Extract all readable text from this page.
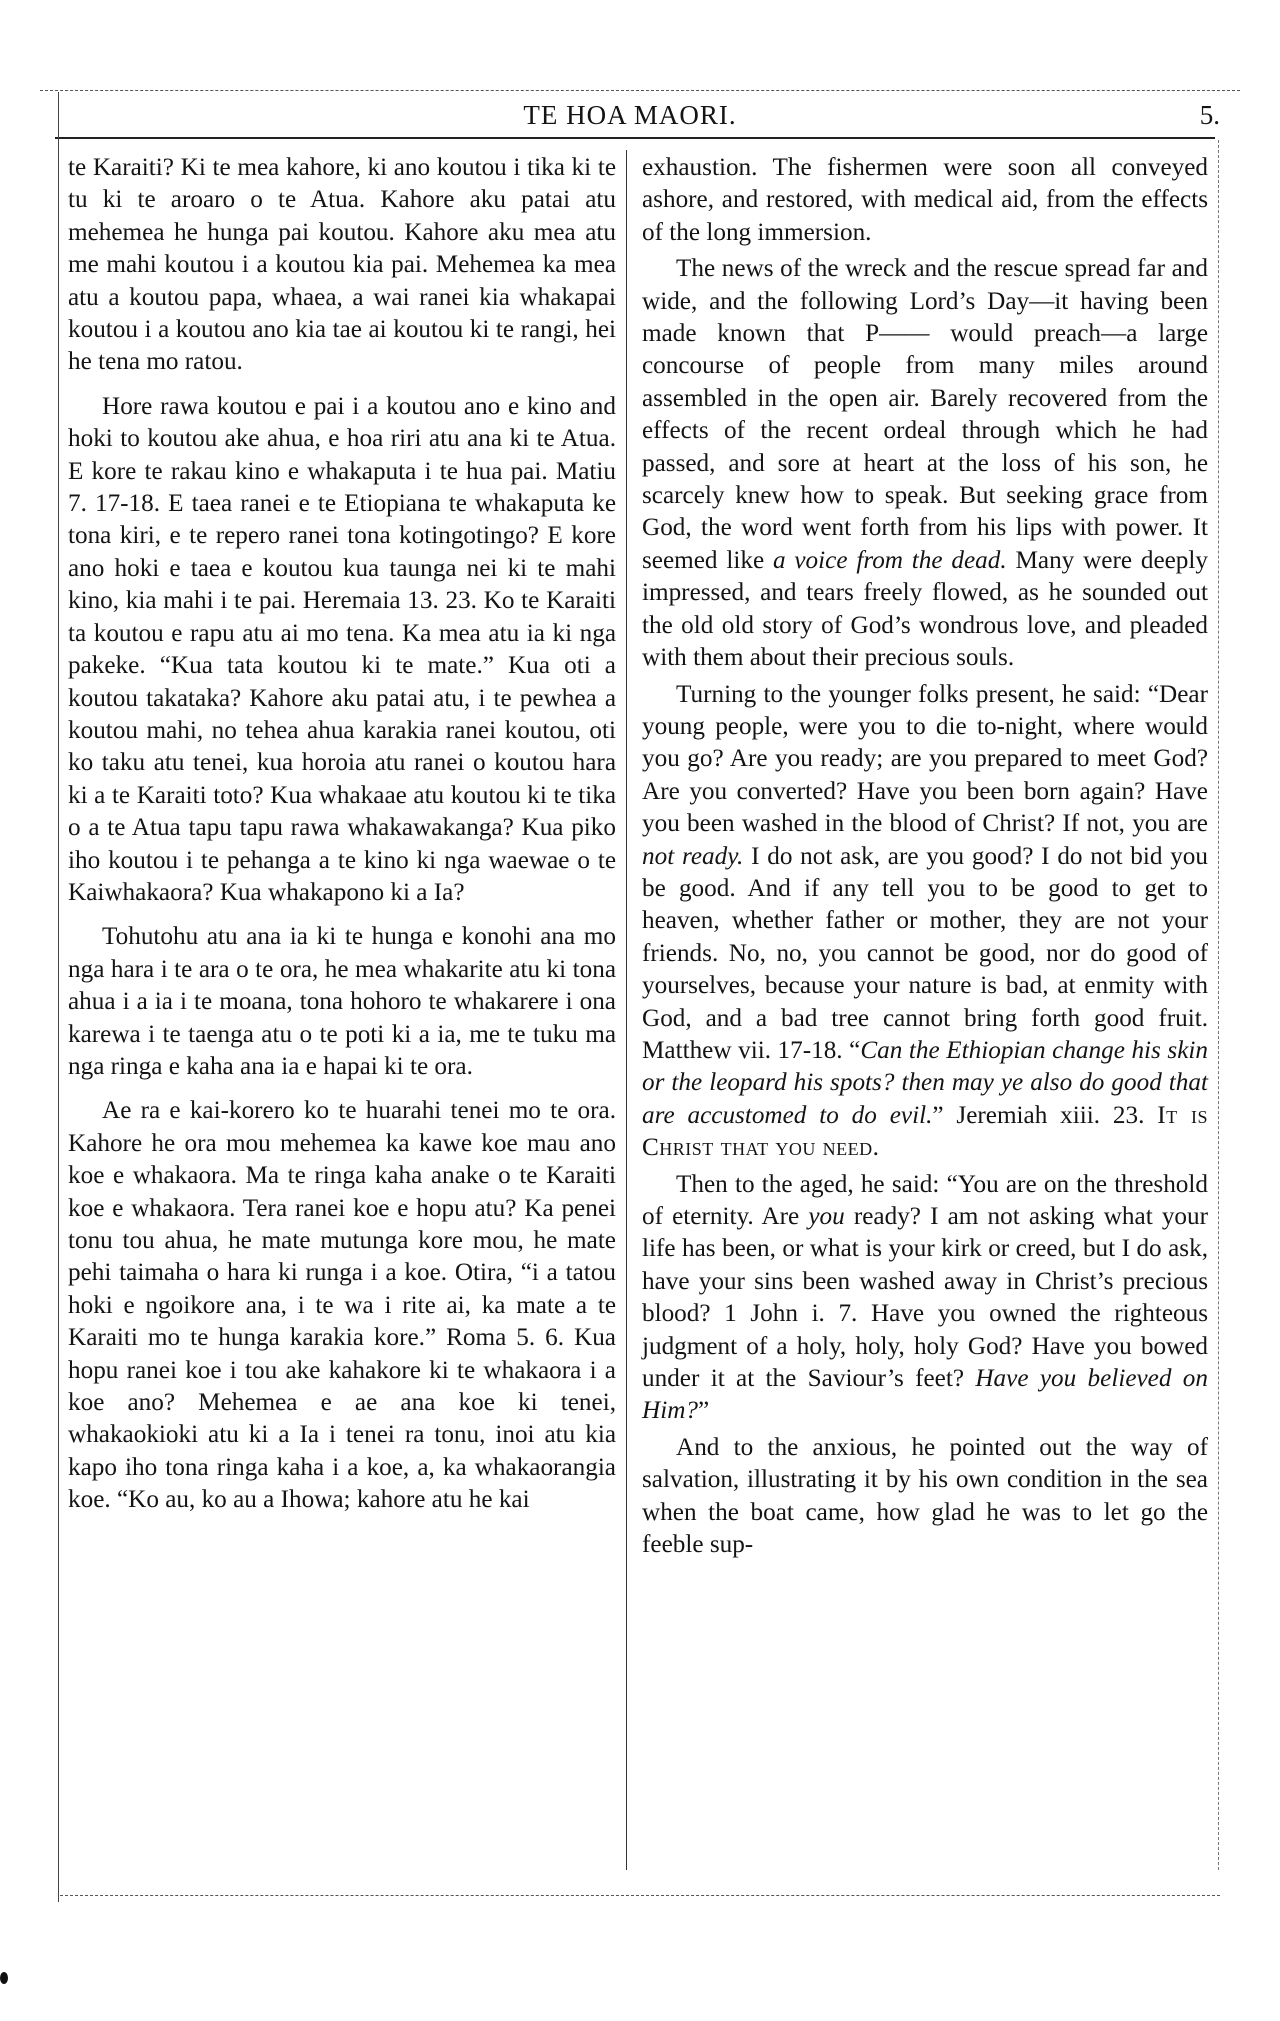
TE HOA MAORI.	5.

te Karaiti? Ki te mea kahore, ki ano koutou i tika ki te tu ki te aroaro o te Atua. Kahore aku patai atu mehemea he hunga pai koutou. Kahore aku mea atu me mahi koutou i a koutou kia pai. Mehemea ka mea atu a koutou papa, whaea, a wai ranei kia whakapai koutou i a koutou ano kia tae ai koutou ki te rangi, hei he tena mo ratou.

Hore rawa koutou e pai i a koutou ano e kino and hoki to koutou ake ahua, e hoa riri atu ana ki te Atua. E kore te rakau kino e whakaputa i te hua pai. Matiu 7. 17-18. E taea ranei e te Etiopiana te whakaputa ke tona kiri, e te repero ranei tona kotingotingo? E kore ano hoki e taea e koutou kua taunga nei ki te mahi kino, kia mahi i te pai. Heremaia 13. 23. Ko te Karaiti ta koutou e rapu atu ai mo tena. Ka mea atu ia ki nga pakeke. “Kua tata koutou ki te mate.” Kua oti a koutou takataka? Kahore aku patai atu, i te pewhea a koutou mahi, no tehea ahua karakia ranei koutou, oti ko taku atu tenei, kua horoia atu ranei o koutou hara ki a te Karaiti toto? Kua whakaae atu koutou ki te tika o a te Atua tapu tapu rawa whakawakanga? Kua piko iho koutou i te pehanga a te kino ki nga waewae o te Kaiwhakaora? Kua whakapono ki a Ia?

Tohutohu atu ana ia ki te hunga e konohi ana mo nga hara i te ara o te ora, he mea whakarite atu ki tona ahua i a ia i te moana, tona hohoro te whakarere i ona karewa i te taenga atu o te poti ki a ia, me te tuku ma nga ringa e kaha ana ia e hapai ki te ora.

Ae ra e kai-korero ko te huarahi tenei mo te ora. Kahore he ora mou mehemea ka kawe koe mau ano koe e whakaora. Ma te ringa kaha anake o te Karaiti koe e whakaora. Tera ranei koe e hopu atu? Ka penei tonu tou ahua, he mate mutunga kore mou, he mate pehi taimaha o hara ki runga i a koe. Otira, “i a tatou hoki e ngoikore ana, i te wa i rite ai, ka mate a te Karaiti mo te hunga karakia kore.” Roma 5. 6. Kua hopu ranei koe i tou ake kahakore ki te whakaora i a koe ano? Mehemea e ae ana koe ki tenei, whakaokioki atu ki a Ia i tenei ra tonu, inoi atu kia kapo iho tona ringa kaha i a koe, a, ka whakaorangia koe. “Ko au, ko au a Ihowa; kahore atu he kai

exhaustion. The fishermen were soon all conveyed ashore, and restored, with medical aid, from the effects of the long immersion.

The news of the wreck and the rescue spread far and wide, and the following Lord’s Day—it having been made known that P—— would preach—a large concourse of people from many miles around assembled in the open air. Barely recovered from the effects of the recent ordeal through which he had passed, and sore at heart at the loss of his son, he scarcely knew how to speak. But seeking grace from God, the word went forth from his lips with power. It seemed like a voice from the dead. Many were deeply impressed, and tears freely flowed, as he sounded out the old old story of God’s wondrous love, and pleaded with them about their precious souls.

Turning to the younger folks present, he said: “Dear young people, were you to die to-night, where would you go? Are you ready; are you prepared to meet God? Are you converted? Have you been born again? Have you been washed in the blood of Christ? If not, you are not ready. I do not ask, are you good? I do not bid you be good. And if any tell you to be good to get to heaven, whether father or mother, they are not your friends. No, no, you cannot be good, nor do good of yourselves, because your nature is bad, at enmity with God, and a bad tree cannot bring forth good fruit. Matthew vii. 17-18. “Can the Ethiopian change his skin or the leopard his spots? then may ye also do good that are accustomed to do evil.” Jeremiah xiii. 23. It is Christ that you need.

Then to the aged, he said: “You are on the threshold of eternity. Are you ready? I am not asking what your life has been, or what is your kirk or creed, but I do ask, have your sins been washed away in Christ’s precious blood? 1 John i. 7. Have you owned the righteous judgment of a holy, holy, holy God? Have you bowed under it at the Saviour’s feet? Have you believed on Him?”

And to the anxious, he pointed out the way of salvation, illustrating it by his own condition in the sea when the boat came, how glad he was to let go the feeble sup-
